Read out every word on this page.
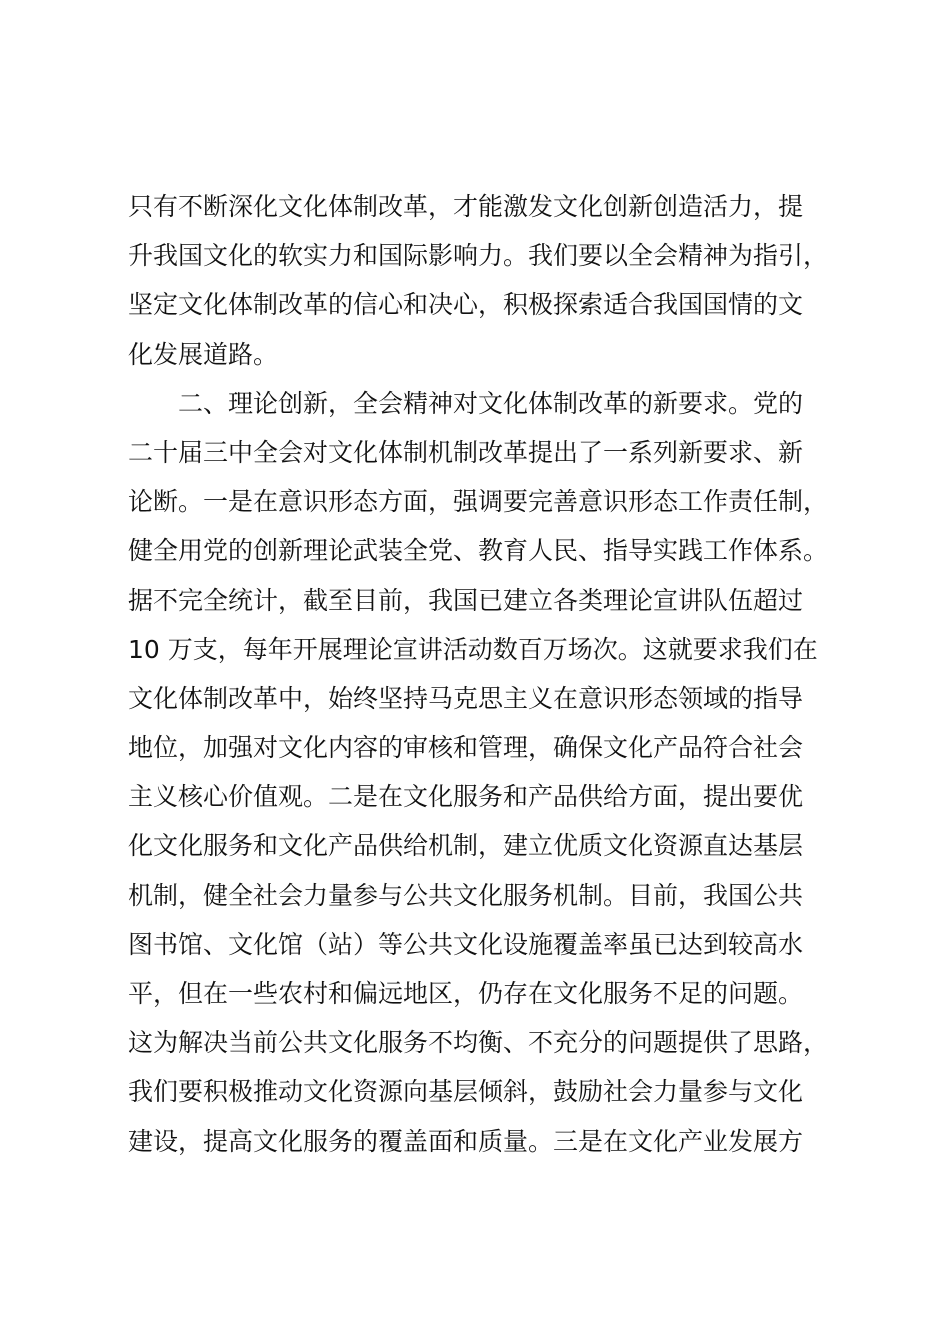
只有不断深化文化体制改革，才能激发文化创新创造活力，提
升我国文化的软实力和国际影响力。我们要以全会精神为指引，
坚定文化体制改革的信心和决心，积极探索适合我国国情的文
化发展道路。
二、理论创新，全会精神对文化体制改革的新要求。党的
二十届三中全会对文化体制机制改革提出了一系列新要求、新
论断。一是在意识形态方面，强调要完善意识形态工作责任制，
健全用党的创新理论武装全党、教育人民、指导实践工作体系。
据不完全统计，截至目前，我国已建立各类理论宣讲队伍超过
10 万支，每年开展理论宣讲活动数百万场次。这就要求我们在
文化体制改革中，始终坚持马克思主义在意识形态领域的指导
地位，加强对文化内容的审核和管理，确保文化产品符合社会
主义核心价值观。二是在文化服务和产品供给方面，提出要优
化文化服务和文化产品供给机制，建立优质文化资源直达基层
机制，健全社会力量参与公共文化服务机制。目前，我国公共
图书馆、文化馆（站）等公共文化设施覆盖率虽已达到较高水
平，但在一些农村和偏远地区，仍存在文化服务不足的问题。
这为解决当前公共文化服务不均衡、不充分的问题提供了思路，
我们要积极推动文化资源向基层倾斜，鼓励社会力量参与文化
建设，提高文化服务的覆盖面和质量。三是在文化产业发展方
